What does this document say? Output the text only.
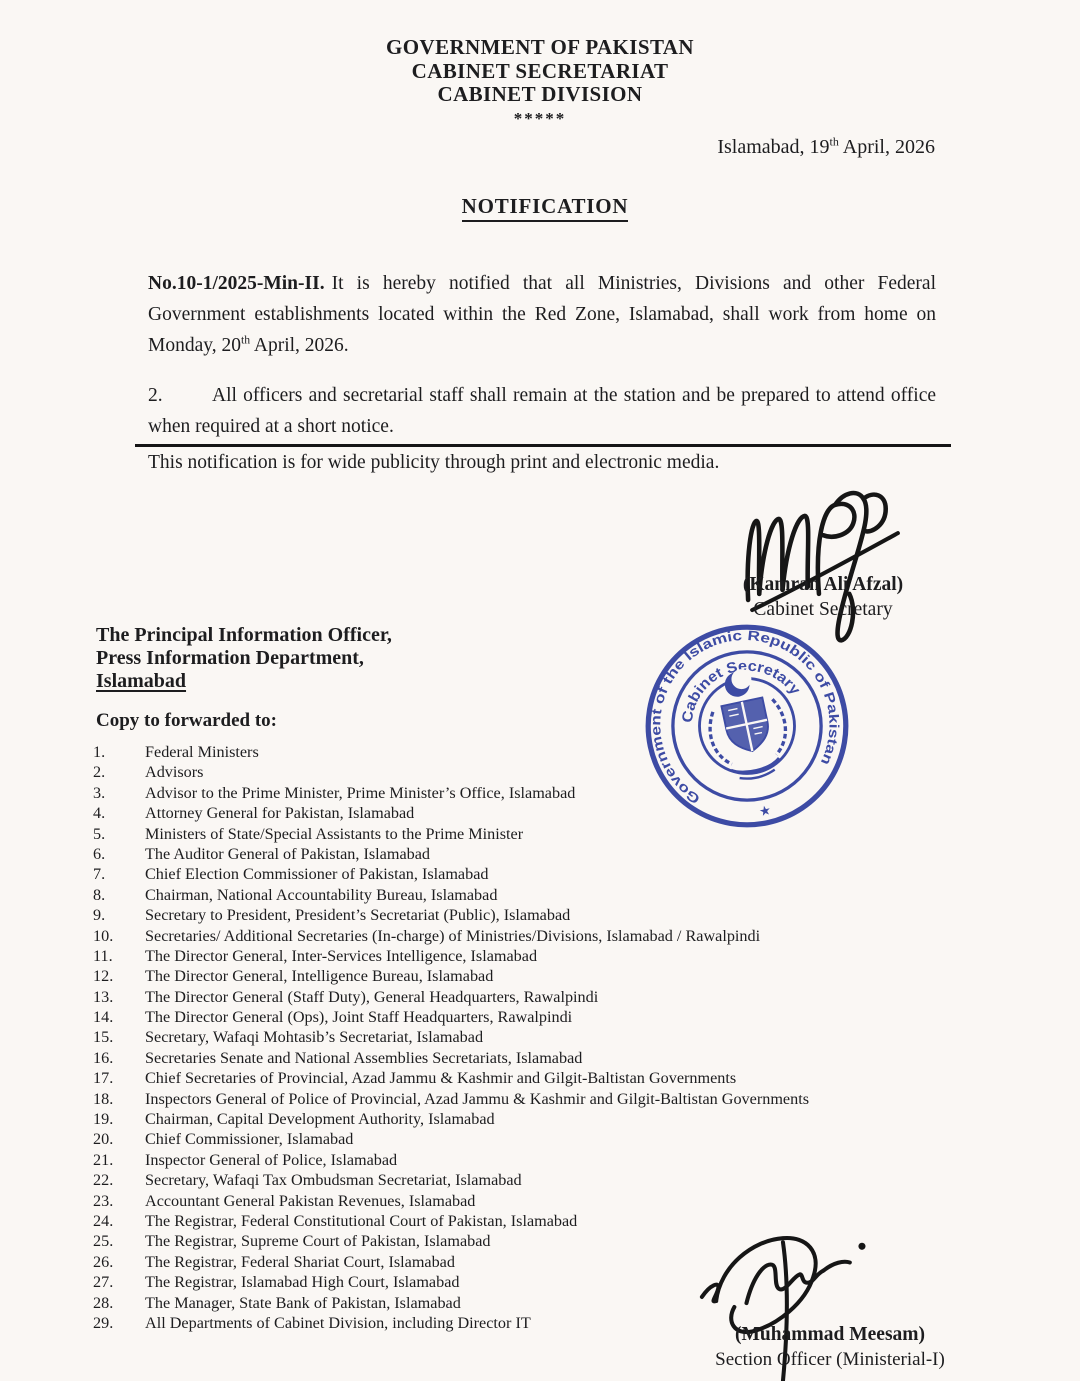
GOVERNMENT OF PAKISTAN
CABINET SECRETARIAT
CABINET DIVISION
*****
Islamabad, 19th April, 2026
NOTIFICATION

No.10-1/2025-Min-II. It is hereby notified that all Ministries, Divisions and other Federal Government establishments located within the Red Zone, Islamabad, shall work from home on Monday, 20th April, 2026.

2.	All officers and secretarial staff shall remain at the station and be prepared to attend office when required at a short notice.

This notification is for wide publicity through print and electronic media.
(Kamran Ali Afzal)
Cabinet Secretary
The Principal Information Officer,
Press Information Department,
Islamabad
Copy to forwarded to:
1.	Federal Ministers
2.	Advisors
3.	Advisor to the Prime Minister, Prime Minister’s Office, Islamabad
4.	Attorney General for Pakistan, Islamabad
5.	Ministers of State/Special Assistants to the Prime Minister
6.	The Auditor General of Pakistan, Islamabad
7.	Chief Election Commissioner of Pakistan, Islamabad
8.	Chairman, National Accountability Bureau, Islamabad
9.	Secretary to President, President’s Secretariat (Public), Islamabad
10.	Secretaries/ Additional Secretaries (In-charge) of Ministries/Divisions, Islamabad / Rawalpindi
11.	The Director General, Inter-Services Intelligence, Islamabad
12.	The Director General, Intelligence Bureau, Islamabad
13.	The Director General (Staff Duty), General Headquarters, Rawalpindi
14.	The Director General (Ops), Joint Staff Headquarters, Rawalpindi
15.	Secretary, Wafaqi Mohtasib’s Secretariat, Islamabad
16.	Secretaries Senate and National Assemblies Secretariats, Islamabad
17.	Chief Secretaries of Provincial, Azad Jammu & Kashmir and Gilgit-Baltistan Governments
18.	Inspectors General of Police of Provincial, Azad Jammu & Kashmir and Gilgit-Baltistan Governments
19.	Chairman, Capital Development Authority, Islamabad
20.	Chief Commissioner, Islamabad
21.	Inspector General of Police, Islamabad
22.	Secretary, Wafaqi Tax Ombudsman Secretariat, Islamabad
23.	Accountant General Pakistan Revenues, Islamabad
24.	The Registrar, Federal Constitutional Court of Pakistan, Islamabad
25.	The Registrar, Supreme Court of Pakistan, Islamabad
26.	The Registrar, Federal Shariat Court, Islamabad
27.	The Registrar, Islamabad High Court, Islamabad
28.	The Manager, State Bank of Pakistan, Islamabad
29.	All Departments of Cabinet Division, including Director IT
Government of the Islamic Republic of Pakistan
Cabinet Secretary
★
(Muhammad Meesam)
Section Officer (Ministerial-I)
